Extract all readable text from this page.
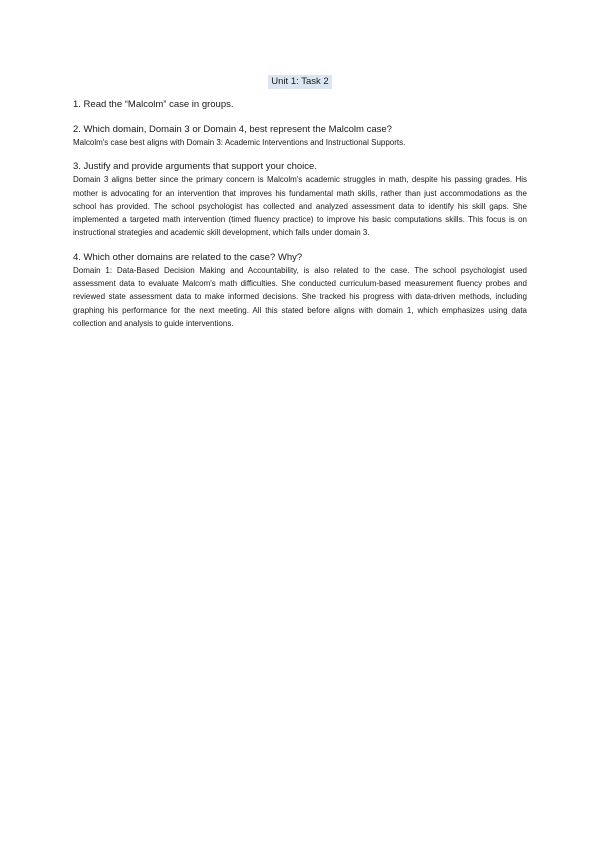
Unit 1: Task 2

1. Read the “Malcolm” case in groups.

2. Which domain, Domain 3 or Domain 4, best represent the Malcolm case?

Malcolm's case best aligns with Domain 3: Academic Interventions and Instructional Supports.

3. Justify and provide arguments that support your choice.

Domain 3 aligns better since the primary concern is Malcolm's academic struggles in math, despite his passing grades. His mother is advocating for an intervention that improves his fundamental math skills, rather than just accommodations as the school has provided. The school psychologist has collected and analyzed assessment data to identify his skill gaps. She implemented a targeted math intervention (timed fluency practice) to improve his basic computations skills. This focus is on instructional strategies and academic skill development, which falls under domain 3.

4. Which other domains are related to the case? Why?

Domain 1: Data-Based Decision Making and Accountability, is also related to the case. The school psychologist used assessment data to evaluate Malcom's math difficulties. She conducted curriculum-based measurement fluency probes and reviewed state assessment data to make informed decisions. She tracked his progress with data-driven methods, including graphing his performance for the next meeting. All this stated before aligns with domain 1, which emphasizes using data collection and analysis to guide interventions.
